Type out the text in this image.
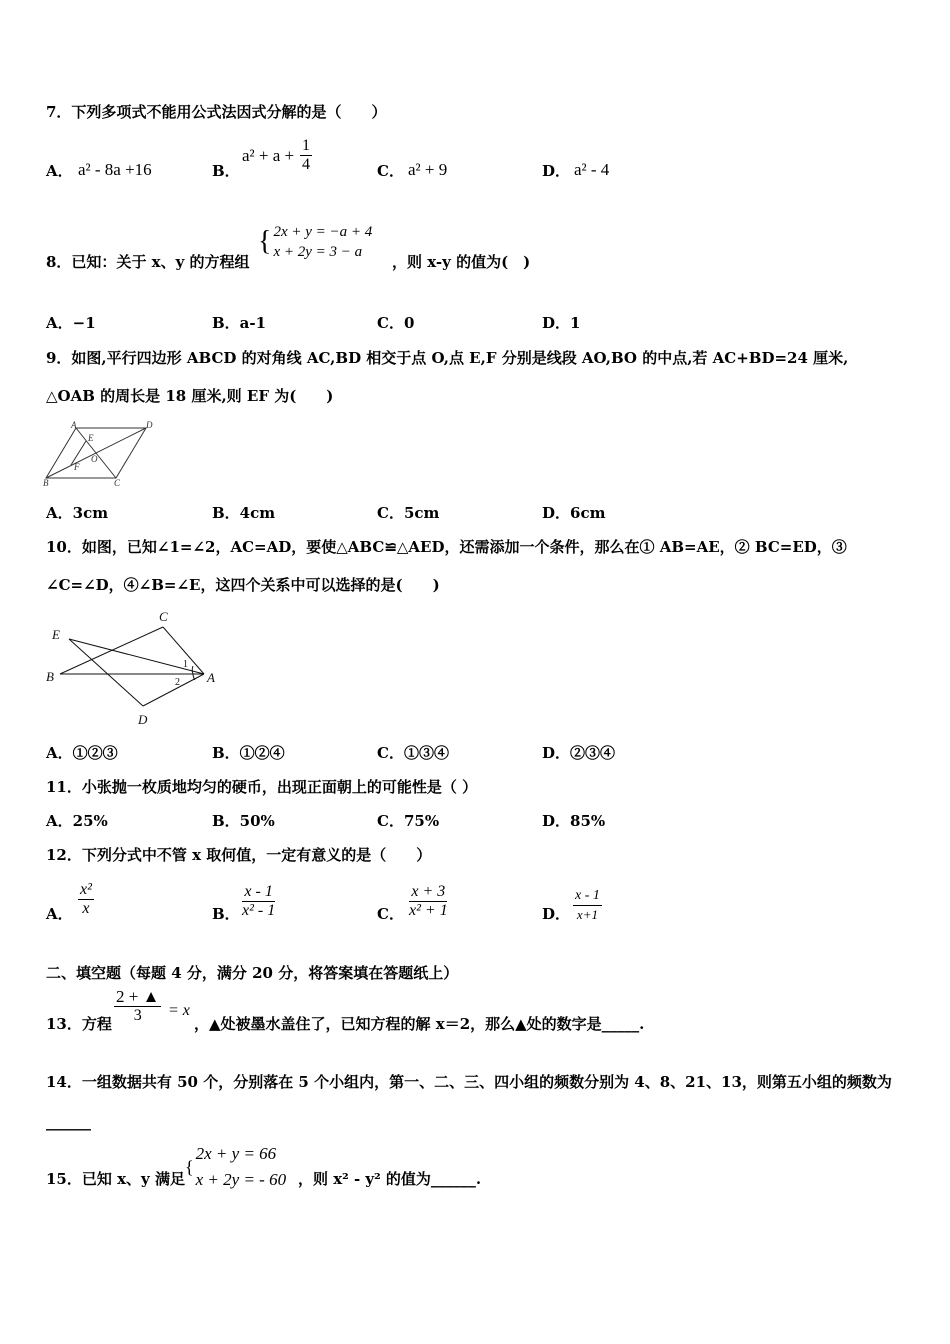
7．下列多项式不能用公式法因式分解的是（　　）
A． a² - 8a +16	B．
$a^2 + a + \frac{1}{4}$	C． a² + 9	D． a² - 4
8．已知：关于 x、y 的方程组
{ 2x + y = −a + 4
x + 2y = 3 − a
，则 x-y 的值为(　)
A．−1	B．a-1	C．0	D．1
9．如图,平行四边形 ABCD 的对角线 AC,BD 相交于点 O,点 E,F 分别是线段 AO,BO 的中点,若 AC+BD=24 厘米,
△OAB 的周长是 18 厘米,则 EF 为(　　)
A	D
E
O
F
B	C
A．3cm	B．4cm	C．5cm	D．6cm
10．如图，已知∠1=∠2，AC=AD，要使△ABC≌△AED，还需添加一个条件，那么在① AB=AE，② BC=ED，③
∠C=∠D，④∠B=∠E，这四个关系中可以选择的是(　　)
C
E
B
1
2 A
D
A．①②③	B．①②④	C．①③④	D．②③④
11．小张抛一枚质地均匀的硬币，出现正面朝上的可能性是（ ）
A．25%	B．50%	C．75%	D．85%
12．下列分式中不管 x 取何值，一定有意义的是（　　）
A． $\frac{\text{x²}}{x}$	B． $\frac{x - 1}{\text{x² - 1}}$	C． $\frac{x + 3}{\text{x² + 1}}$	D． $\frac{x - 1}{x+1}$
二、填空题（每题 4 分，满分 20 分，将答案填在答题纸上）
13．方程 $\frac{2 + ▲}{3} = x$
，▲处被墨水盖住了，已知方程的解 x＝2，那么▲处的数字是_____.
14．一组数据共有 50 个，分别落在 5 个小组内，第一、二、三、四小组的频数分别为 4、8、21、13，则第五小组的频数为
______
15．已知 x、y 满足
{
2x + y = 66
x + 2y = - 60 ，则 x² - y² 的值为______.
